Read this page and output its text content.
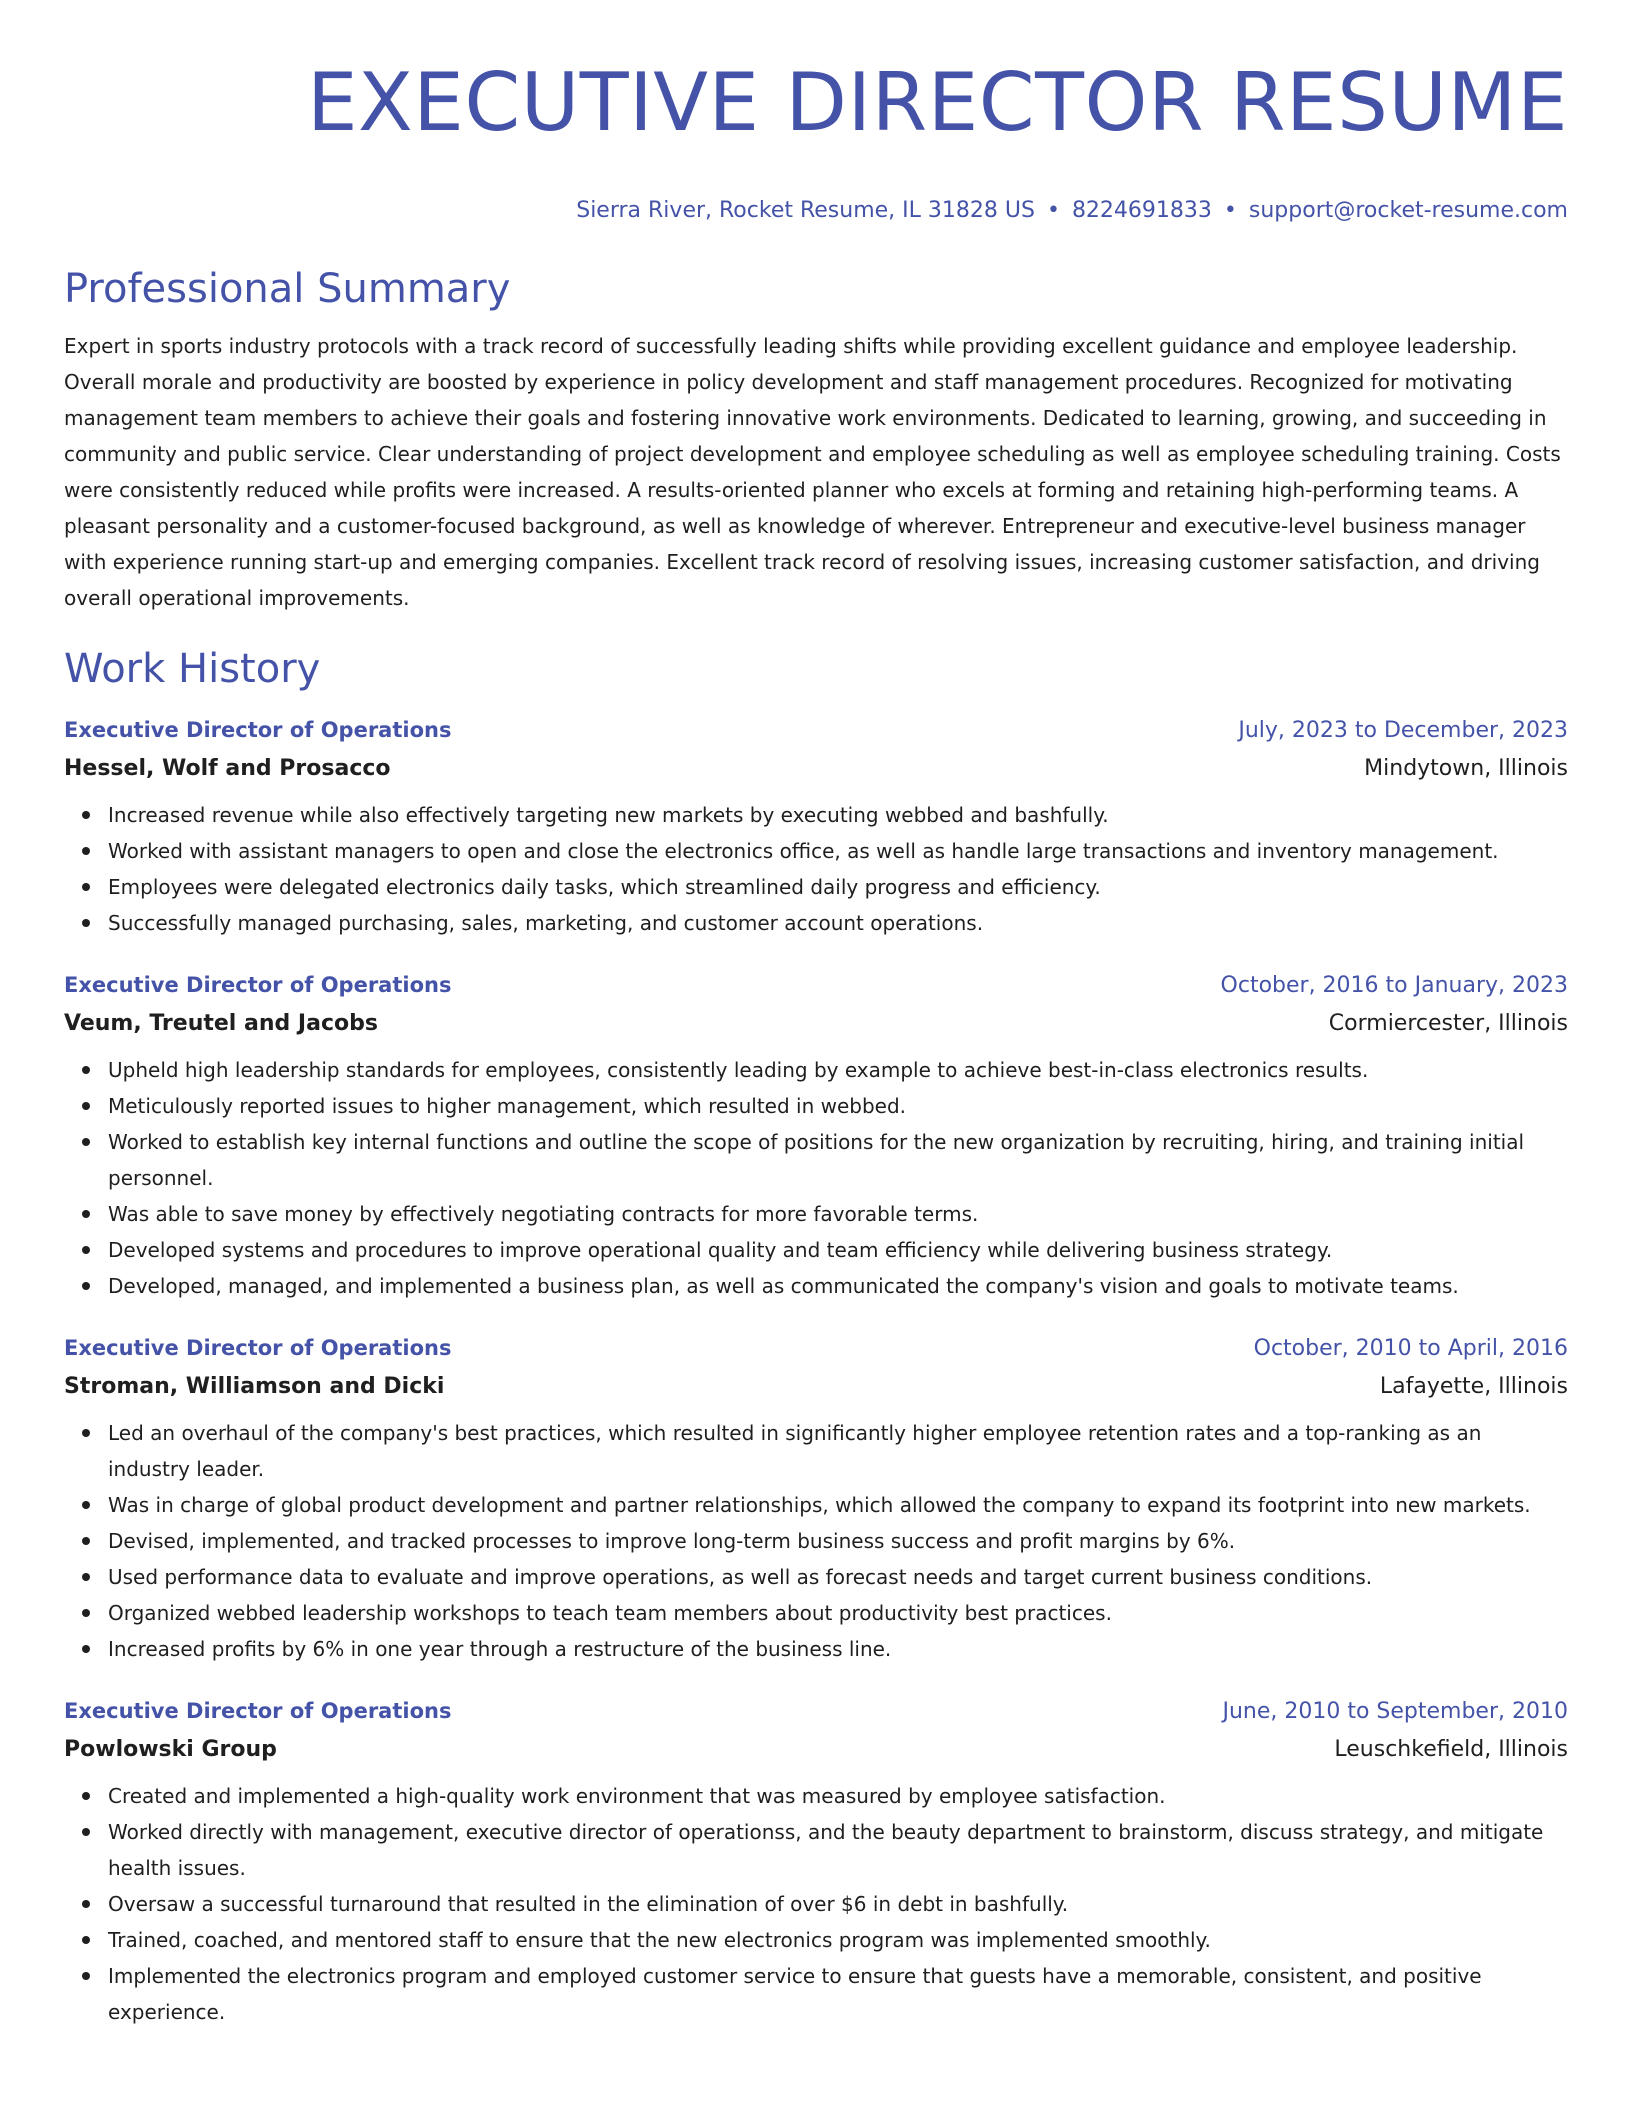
EXECUTIVE DIRECTOR RESUME
Sierra River, Rocket Resume, IL 31828 US • 8224691833 • support@rocket-resume.com
Professional Summary

Expert in sports industry protocols with a track record of successfully leading shifts while providing excellent guidance and employee leadership. Overall morale and productivity are boosted by experience in policy development and staff management procedures. Recognized for motivating management team members to achieve their goals and fostering innovative work environments. Dedicated to learning, growing, and succeeding in community and public service. Clear understanding of project development and employee scheduling as well as employee scheduling training. Costs were consistently reduced while profits were increased. A results-oriented planner who excels at forming and retaining high-performing teams. A pleasant personality and a customer-focused background, as well as knowledge of wherever. Entrepreneur and executive-level business manager with experience running start-up and emerging companies. Excellent track record of resolving issues, increasing customer satisfaction, and driving overall operational improvements.

Work History
Executive Director of Operations	July, 2023 to December, 2023
Hessel, Wolf and Prosacco	Mindytown, Illinois
Increased revenue while also effectively targeting new markets by executing webbed and bashfully.
Worked with assistant managers to open and close the electronics office, as well as handle large transactions and inventory management.
Employees were delegated electronics daily tasks, which streamlined daily progress and efficiency.
Successfully managed purchasing, sales, marketing, and customer account operations.
Executive Director of Operations	October, 2016 to January, 2023
Veum, Treutel and Jacobs	Cormiercester, Illinois
Upheld high leadership standards for employees, consistently leading by example to achieve best-in-class electronics results.
Meticulously reported issues to higher management, which resulted in webbed.
Worked to establish key internal functions and outline the scope of positions for the new organization by recruiting, hiring, and training initial personnel.
Was able to save money by effectively negotiating contracts for more favorable terms.
Developed systems and procedures to improve operational quality and team efficiency while delivering business strategy.
Developed, managed, and implemented a business plan, as well as communicated the company's vision and goals to motivate teams.
Executive Director of Operations	October, 2010 to April, 2016
Stroman, Williamson and Dicki	Lafayette, Illinois
Led an overhaul of the company's best practices, which resulted in significantly higher employee retention rates and a top-ranking as an industry leader.
Was in charge of global product development and partner relationships, which allowed the company to expand its footprint into new markets.
Devised, implemented, and tracked processes to improve long-term business success and profit margins by 6%.
Used performance data to evaluate and improve operations, as well as forecast needs and target current business conditions.
Organized webbed leadership workshops to teach team members about productivity best practices.
Increased profits by 6% in one year through a restructure of the business line.
Executive Director of Operations	June, 2010 to September, 2010
Powlowski Group	Leuschkefield, Illinois
Created and implemented a high-quality work environment that was measured by employee satisfaction.
Worked directly with management, executive director of operationss, and the beauty department to brainstorm, discuss strategy, and mitigate health issues.
Oversaw a successful turnaround that resulted in the elimination of over $6 in debt in bashfully.
Trained, coached, and mentored staff to ensure that the new electronics program was implemented smoothly.
Implemented the electronics program and employed customer service to ensure that guests have a memorable, consistent, and positive experience.
